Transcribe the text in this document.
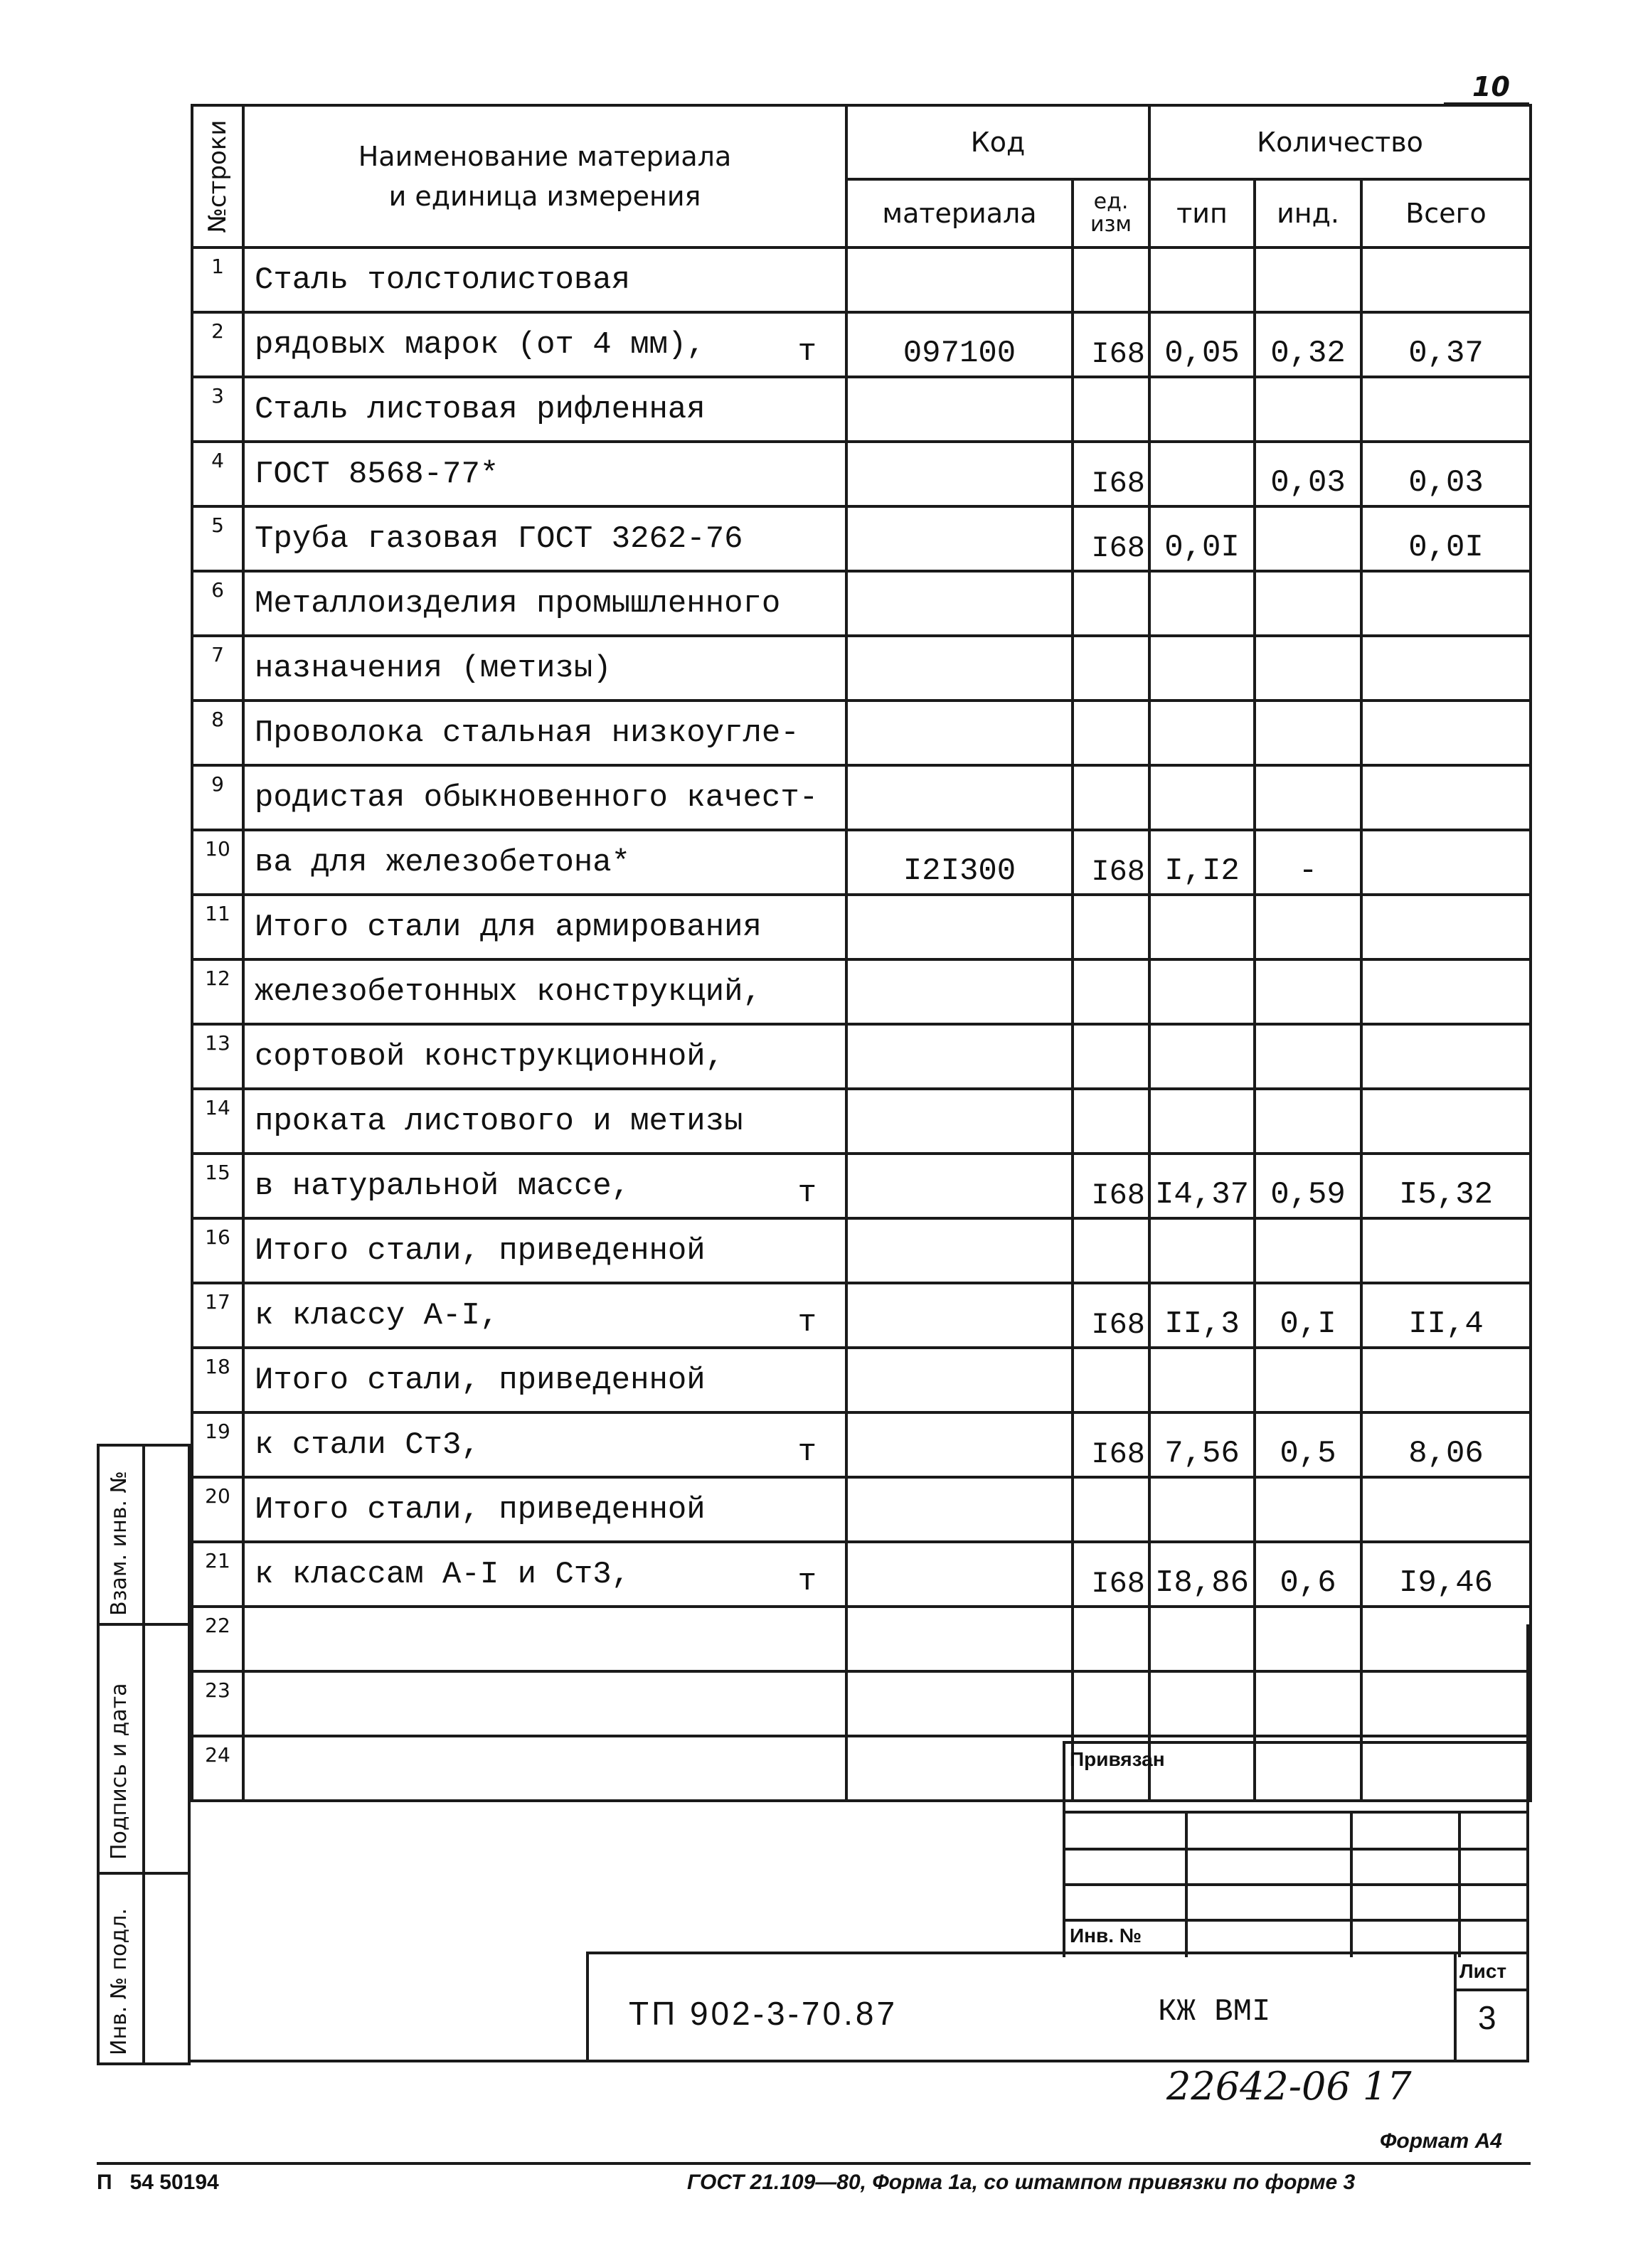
10
№строки	Наименование материала
и единица измерения	Код		Количество		
		материала	ед. изм	тип	инд.	Всего
1	Сталь толстолистовая

2	рядовых марок (от 4 мм), т	097100	I68	0,05	0,32	0,37
3	Сталь листовая рифленная

4	ГОСТ 8568-77*		I68		0,03	0,03
5	Труба газовая ГОСТ 3262-76		I68	0,0I		0,0I
6	Металлоизделия промышленного

7	назначения (метизы)

8	Проволока стальная низкоугле-

9	родистая обыкновенного качест-

10	ва для железобетона*	I2I300	I68	I,I2	-	
11	Итого стали для армирования

12	железобетонных конструкций,

13	сортовой конструкционной,

14	проката листового и метизы

15	в натуральной массе, т		I68	I4,37	0,59	I5,32
16	Итого стали, приведенной

17	к классу А-I, т		I68	II,3	0,I	II,4
18	Итого стали, приведенной

19	к стали Ст3, т		I68	7,56	0,5	8,06
20	Итого стали, приведенной

21	к классам А-I и Ст3, т		I68	I8,86	0,6	I9,46
22	

23	

24	

Взам. инв. №
Подпись и дата
Инв. № подл.
Привязан
Инв. №
ТП 902-3-70.87	КЖ ВМI
Лист
3
22642-06 17
Формат А4
П   54 50194	ГОСТ 21.109—80, Форма 1а, со штампом привязки по форме 3
